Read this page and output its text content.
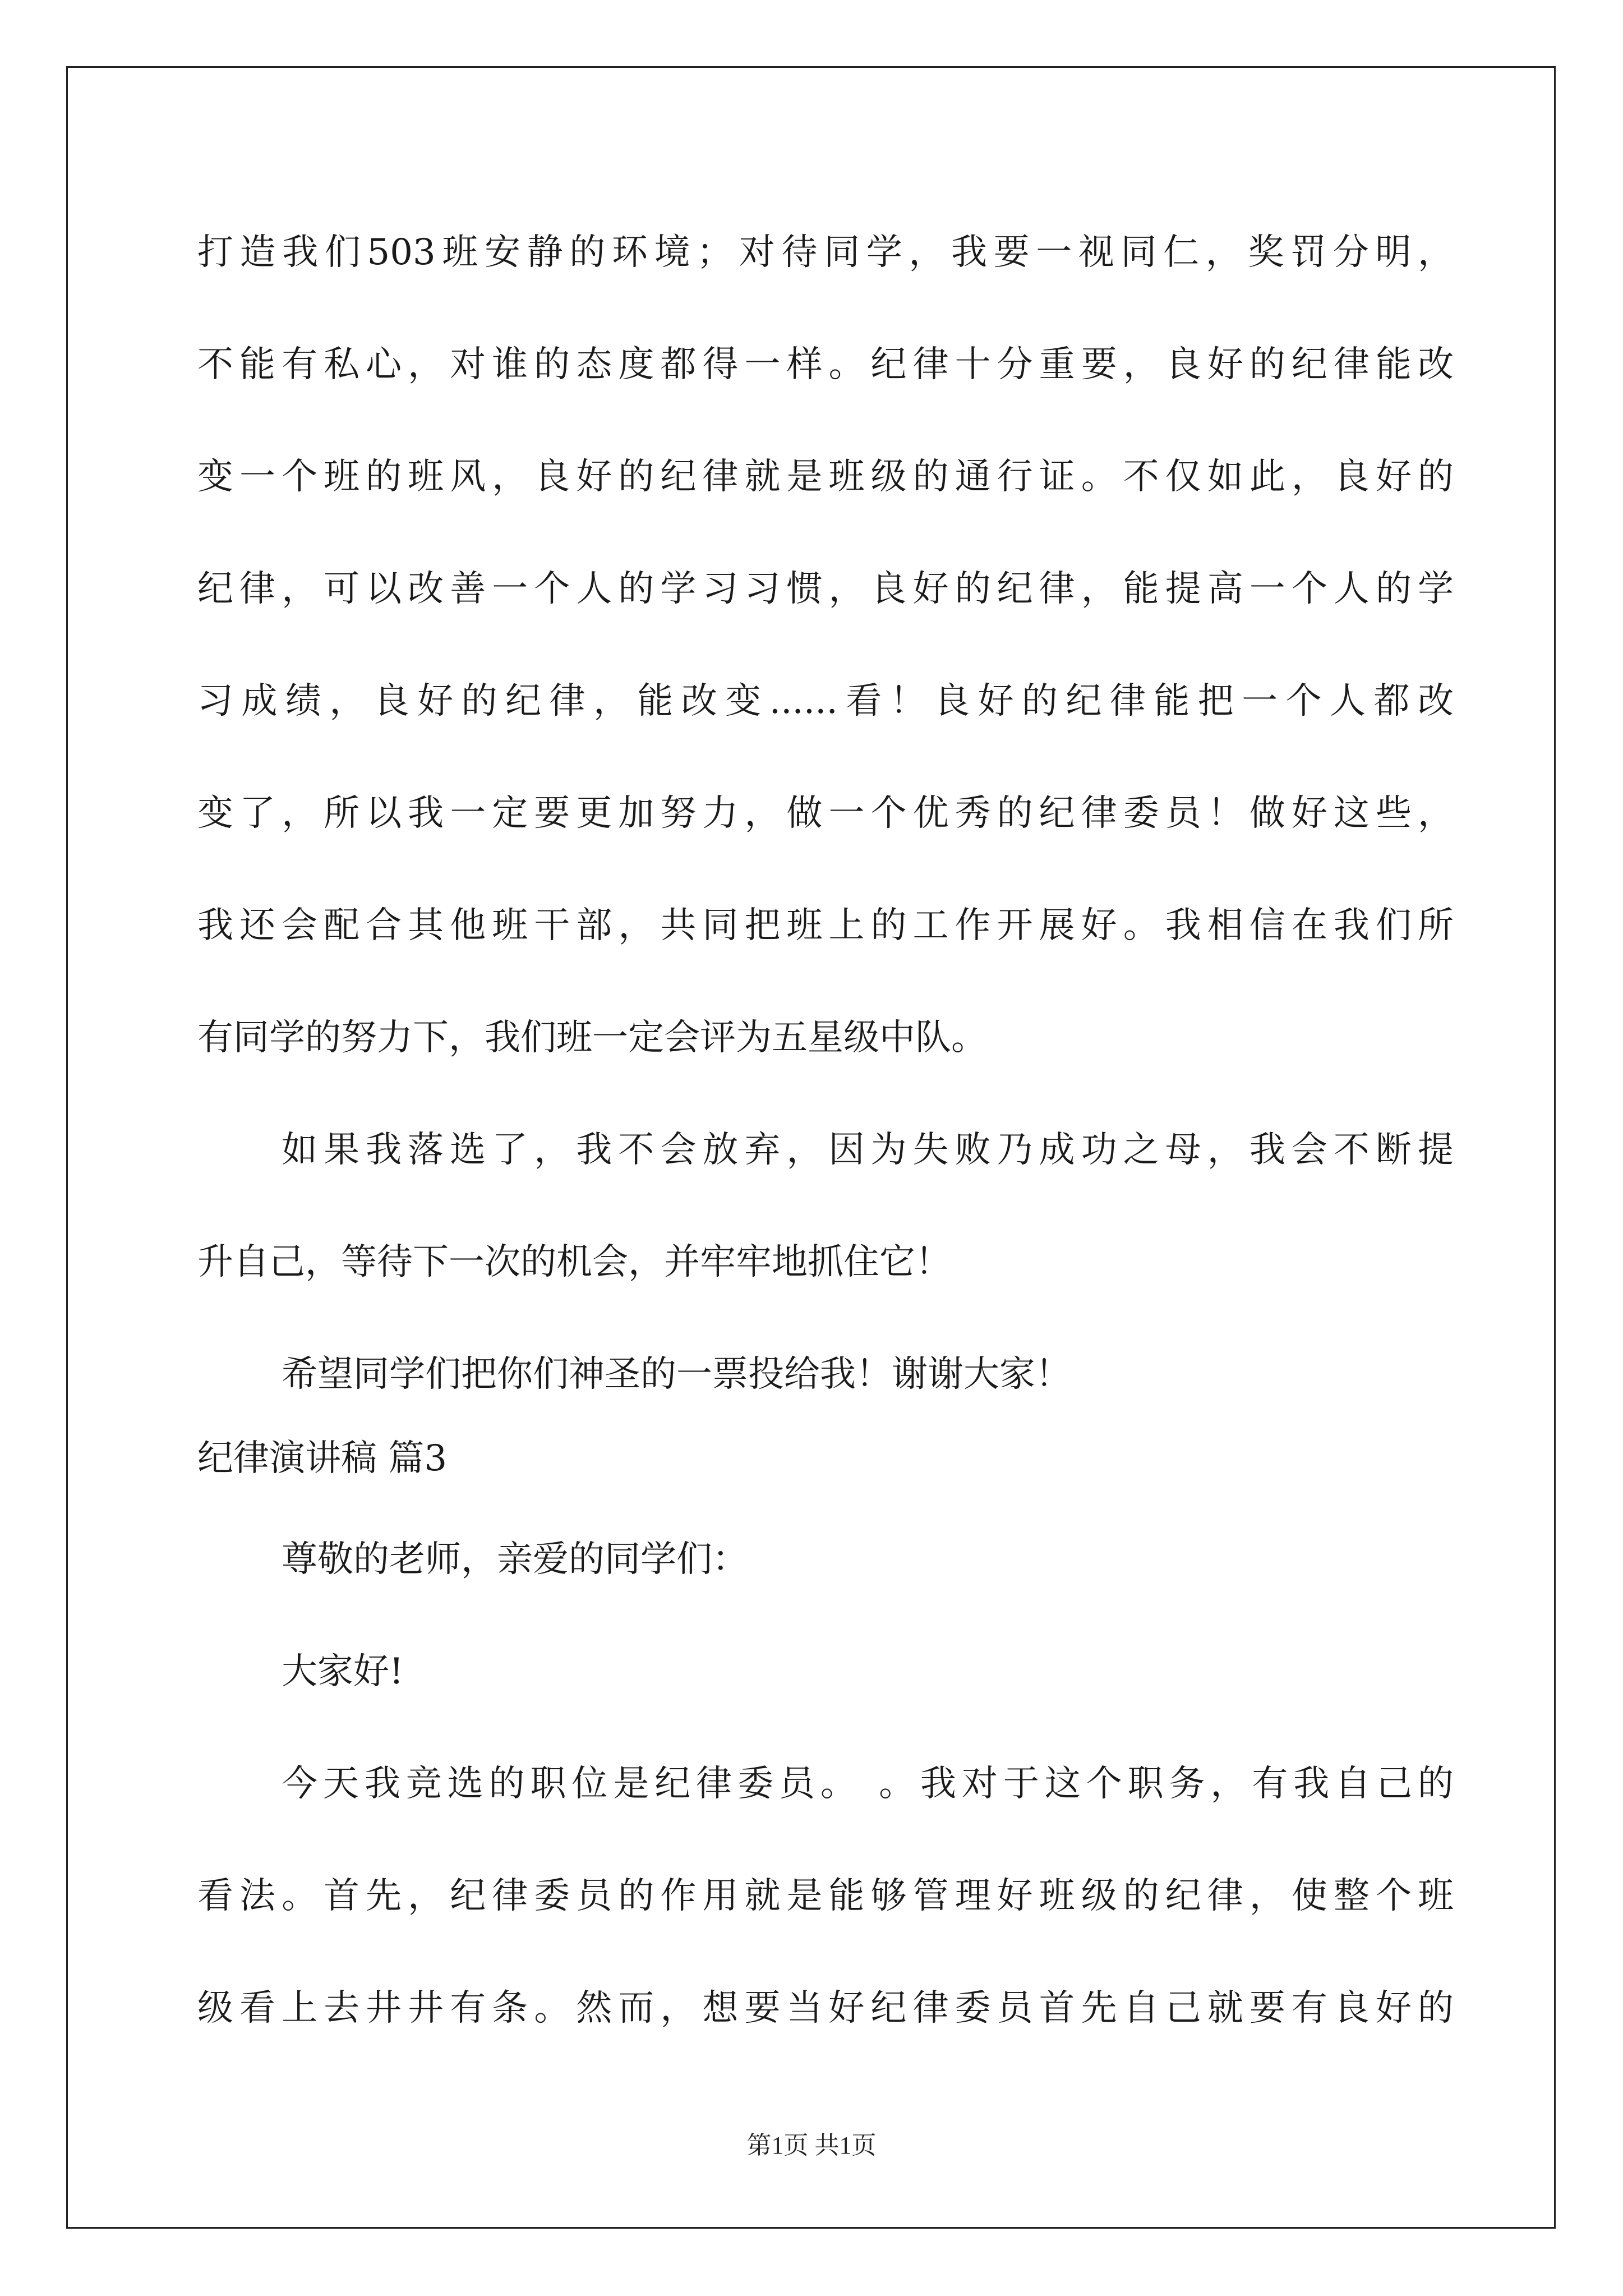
打造我们503班安静的环境；对待同学，我要一视同仁，奖罚分明，
不能有私心，对谁的态度都得一样。纪律十分重要，良好的纪律能改
变一个班的班风，良好的纪律就是班级的通行证。不仅如此，良好的
纪律，可以改善一个人的学习习惯，良好的纪律，能提高一个人的学
习成绩，良好的纪律，能改变......看！良好的纪律能把一个人都改
变了，所以我一定要更加努力，做一个优秀的纪律委员！做好这些，
我还会配合其他班干部，共同把班上的工作开展好。我相信在我们所
有同学的努力下，我们班一定会评为五星级中队。
如果我落选了，我不会放弃，因为失败乃成功之母，我会不断提
升自己，等待下一次的机会，并牢牢地抓住它！
希望同学们把你们神圣的一票投给我！谢谢大家！
纪律演讲稿 篇3
尊敬的老师，亲爱的同学们：
大家好!
今天我竞选的职位是纪律委员。 。我对于这个职务，有我自己的
看法。首先，纪律委员的作用就是能够管理好班级的纪律，使整个班
级看上去井井有条。然而，想要当好纪律委员首先自己就要有良好的
第1页 共1页
